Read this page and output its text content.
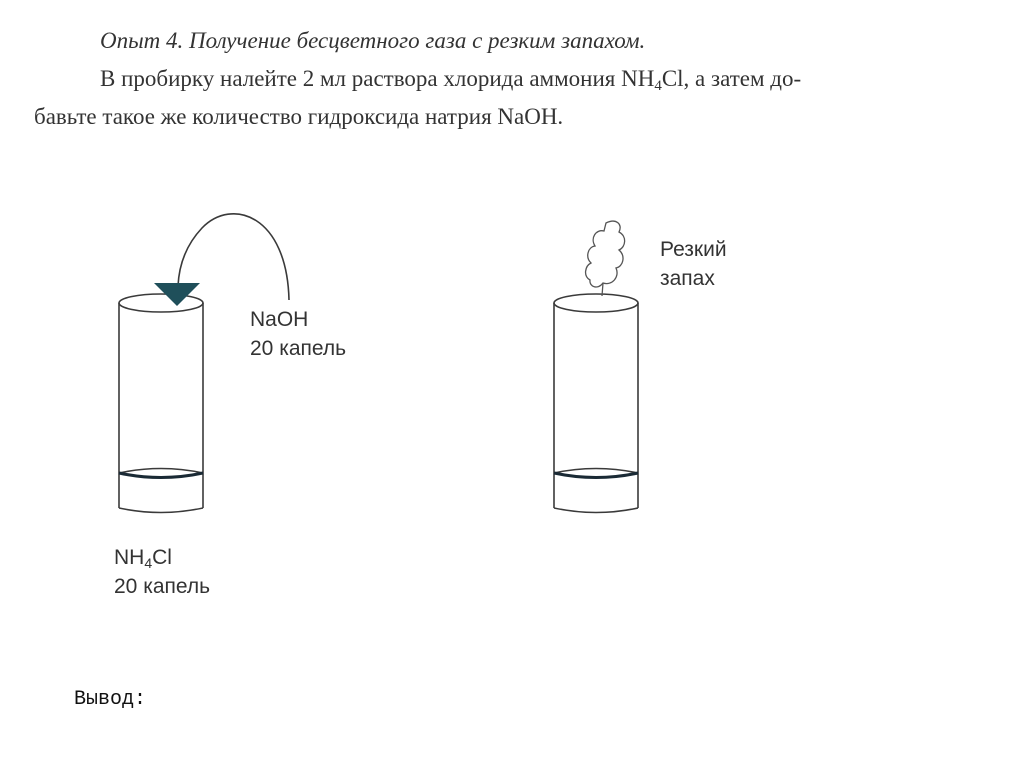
Опыт 4. Получение бесцветного газа с резким запахом.
В пробирку налейте 2 мл раствора хлорида аммония $NH_4Cl$, а затем до-
бавьте такое же количество гидроксида натрия NaOH.
NaOH
20 капель
$NH_4Cl$
20 капель
Резкий
запах
Вывод:
